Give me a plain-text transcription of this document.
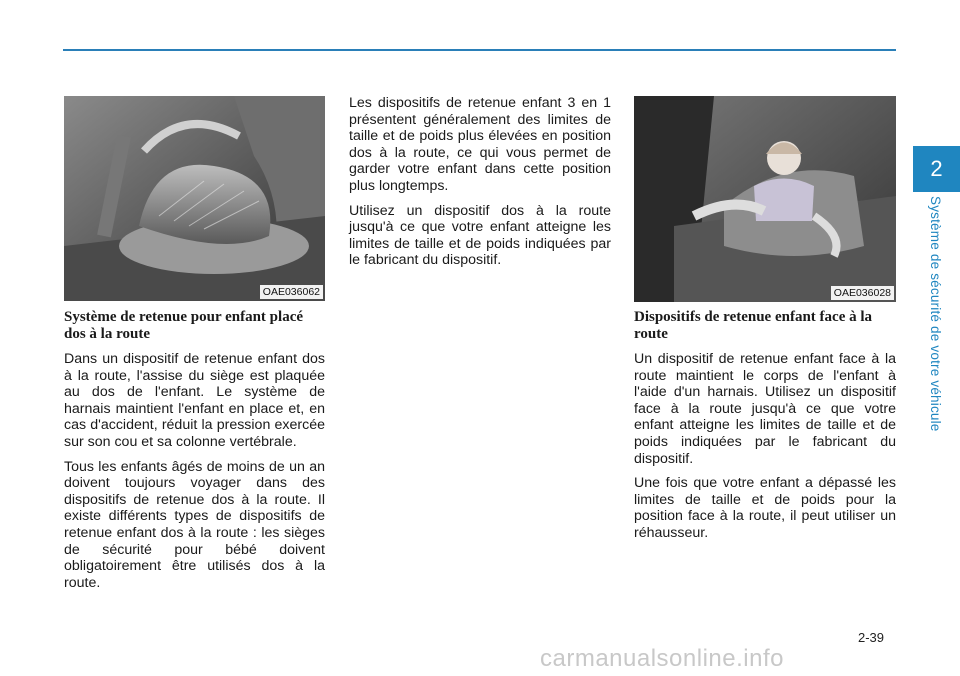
2
Système de sécurité de votre véhicule
OAE036062	OAE036028
Système de retenue pour enfant placé dos à la route

Dans un dispositif de retenue enfant dos à la route, l'assise du siège est plaquée au dos de l'enfant. Le système de harnais maintient l'enfant en place et, en cas d'accident, réduit la pression exercée sur son cou et sa colonne vertébrale.

Tous les enfants âgés de moins de un an doivent toujours voyager dans des dispositifs de retenue dos à la route. Il existe différents types de dispositifs de retenue enfant dos à la route : les sièges de sécurité pour bébé doivent obligatoirement être utilisés dos à la route.

Les dispositifs de retenue enfant 3 en 1 présentent généralement des limites de taille et de poids plus élevées en position dos à la route, ce qui vous permet de garder votre enfant dans cette position plus longtemps.

Utilisez un dispositif dos à la route jusqu'à ce que votre enfant atteigne les limites de taille et de poids indiquées par le fabricant du dispositif.

Dispositifs de retenue enfant face à la route

Un dispositif de retenue enfant face à la route maintient le corps de l'enfant à l'aide d'un harnais. Utilisez un dispositif face à la route jusqu'à ce que votre enfant atteigne les limites de taille et de poids indiquées par le fabricant du dispositif.

Une fois que votre enfant a dépassé les limites de taille et de poids pour la position face à la route, il peut utiliser un réhausseur.

2-39
carmanualsonline.info
